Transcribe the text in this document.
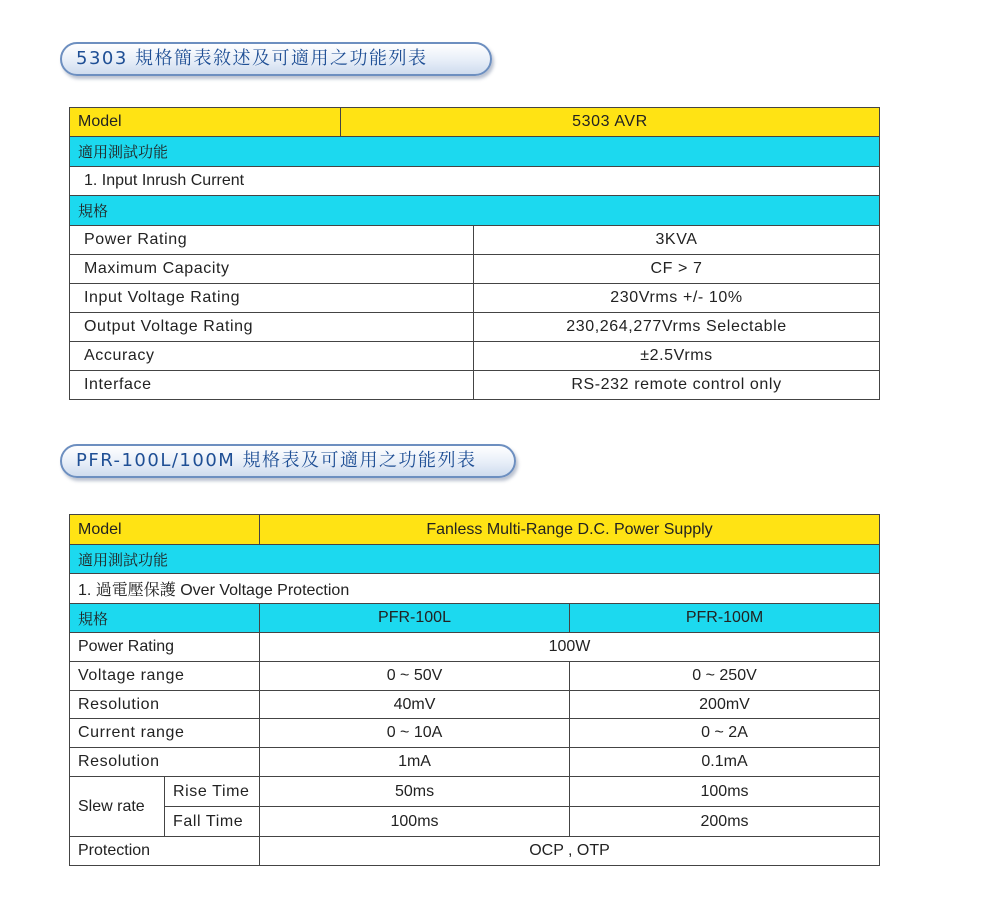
5303 規格簡表敘述及可適用之功能列表
Model	5303 AVR	
適用測試功能		
1. Input Inrush Current		
規格		
Power Rating		3KVA
Maximum Capacity		CF > 7
Input Voltage Rating		230Vrms +/- 10%
Output Voltage Rating		230,264,277Vrms Selectable
Accuracy		±2.5Vrms
Interface		RS-232 remote control only
PFR-100L/100M 規格表及可適用之功能列表
Model		Fanless Multi-Range D.C. Power Supply	
適用測試功能			
1. 過電壓保護 Over Voltage Protection			
規格		PFR-100L	PFR-100M
Power Rating		100W	
Voltage range		0 ~ 50V	0 ~ 250V
Resolution		40mV	200mV
Current range		0 ~ 10A	0 ~ 2A
Resolution		1mA	0.1mA
Slew rate	Rise Time	50ms	100ms
	Fall Time	100ms	200ms
Protection		OCP , OTP	
